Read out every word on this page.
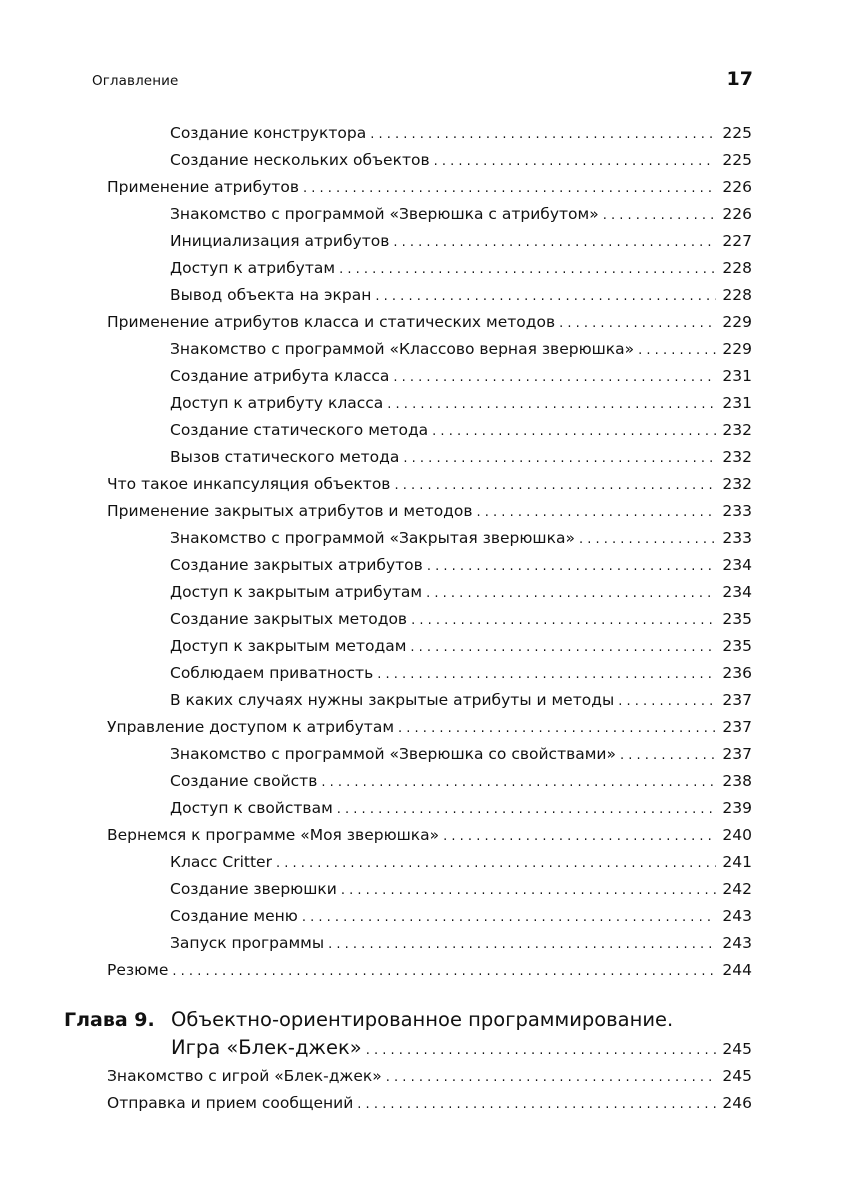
Оглавление	17
Создание конструктора . . .	225
Создание нескольких объектов . . .	225
Применение атрибутов . . .	226
Знакомство с программой «Зверюшка с атрибутом» . . .	226
Инициализация атрибутов . . .	227
Доступ к атрибутам . . .	228
Вывод объекта на экран . . .	228
Применение атрибутов класса и статических методов . . .	229
Знакомство с программой «Классово верная зверюшка» . . .	229
Создание атрибута класса . . .	231
Доступ к атрибуту класса . . .	231
Создание статического метода . . .	232
Вызов статического метода . . .	232
Что такое инкапсуляция объектов . . .	232
Применение закрытых атрибутов и методов . . .	233
Знакомство с программой «Закрытая зверюшка» . . .	233
Создание закрытых атрибутов . . .	234
Доступ к закрытым атрибутам . . .	234
Создание закрытых методов . . .	235
Доступ к закрытым методам . . .	235
Соблюдаем приватность . . .	236
В каких случаях нужны закрытые атрибуты и методы . . .	237
Управление доступом к атрибутам . . .	237
Знакомство с программой «Зверюшка со свойствами» . . .	237
Создание свойств . . .	238
Доступ к свойствам . . .	239
Вернемся к программе «Моя зверюшка» . . .	240
Класс Critter . . .	241
Создание зверюшки . . .	242
Создание меню . . .	243
Запуск программы . . .	243
Резюме . . .	244
Глава 9. Объектно-ориентированное программирование.
Игра «Блек-джек» . . .	245
Знакомство с игрой «Блек-джек» . . .	245
Отправка и прием сообщений . . .	246
